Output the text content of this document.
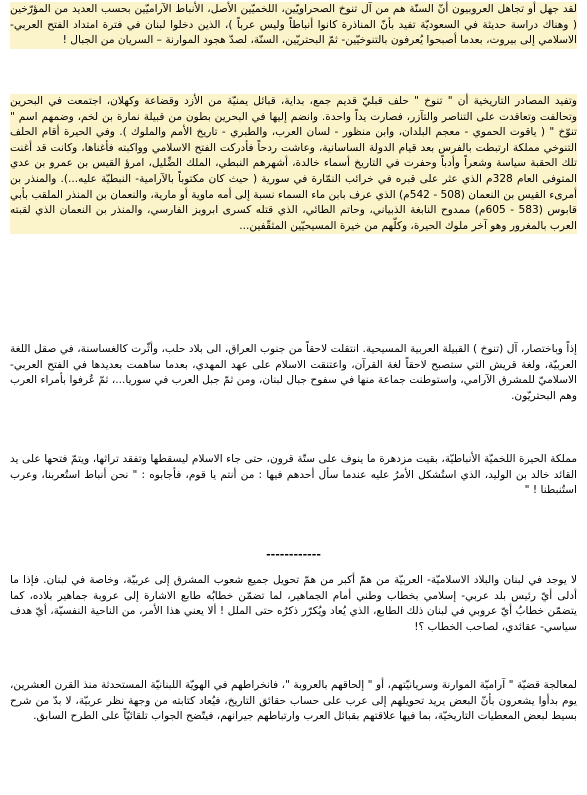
لقد جهل أو تجاهل العروبيون أنّ السنّة هم من آل تنوخ الصحراويّين، اللخميّين الأصل، الأنباط الآراميّين بحسب العديد من المؤرّخين ( وهناك دراسة حديثة في السعوديّة تفيد بأنّ المناذرة كانوا أنباطاً وليس عرباً )، الذين دخلوا لبنان في فترة امتداد الفتح العربي- الاسلامي إلى بيروت، بعدما أصبحوا يُعرفون بالتنوخيّين- ثمّ البحتريّين، السنّة، لصدّ هجود الموارنة – السريان من الجبال !
وتفيد المصادر التاريخية أن " تنوخ " حلف قبليّ قديم جمع، بداية، قبائل يمنيّة من الأزد وقضاعة وكهلان، اجتمعت في البحرين وتحالفت وتعاقدت على التناصر والتآزر، فصارت يداً واحدة. وانضم إليها في البحرين بطون من قبيلة نمارة بن لخم، وضمهم اسم " تنوّخ " ( ياقوت الحموي - معجم البلدان، وابن منظور - لسان العرب، والطبري - تاريخ الأمم والملوك ). وفي الحيرة أقام الحلف التنوخي مملكة ارتبطت بالفرس بعد قيام الدولة الساسانية، وعاشت ردحاً فأدركت الفتح الاسلامي وواكبته فأغناها، وكانت قد أغنت تلك الحقبة سياسة وشعراً وأدباً وحفرت في التاريخ أسماء خالدة، أشهرهم النبطي، الملك الضِّليل، امرؤ القيس بن عمرو بن عدي المتوفى العام 328م الذي عثر على قبره في خرائب النمّارة في سورية ( حيث كان مكتوباً بالآرامية- النبطيّة عليه...). والمنذر بن أمرىء القيس بن النعمان (508 - 542م) الذي عرف بابن ماء السماء نسبة إلى أمه ماوية أو مارية، والنعمان بن المنذر الملقب بأبي قابوس (583 - 605م) ممدوح النابغة الذبياني، وحاتم الطائي، الذي قتله كسرى ابروبز الفارسي، والمنذر بن النعمان الذي لقبته العرب بالمغرور وهو آخر ملوك الحيرة، وكلّهم من خيرة المسيحيّين المثقّفين...
إذاً وباختصار، آل (تنوخ ) القبيلة العربية المسيحية. انتقلت لاحقاً من جنوب العراق، الى بلاد حلب، وأثّرت كالغساسنة، في صقل اللغة العربيّة، ولغة قريش التي ستصبح لاحقاً لغة القرآن، واعتنقت الاسلام على عهد المهدي، بعدما ساهمت بعديدها في الفتح العربي- الاسلاميّ للمشرق الآرامي، واستوطنت جماعة منها في سفوح جبال لبنان، ومن ثمّ جبل العرب في سوريا...، ثمّ عُرفوا بأمراء العرب وهم البحتريّون.
مملكة الحيرة اللخميّة الأنباطيّة، بقيت مزدهرة ما ينوف على ستّة قرون، حتى جاء الاسلام ليسقطها وتفقد تراثها، ويتمّ فتحها على يد القائد خالد بن الوليد، الذي استُشكل الأمرُ عليه عندما سأل أحدهم فيها : من أنتم يا قوم، فأجابوه : " نحن أنباط استُعربنا، وعرب استُنبطنا ! "
------------
لا يوجد في لبنان والبلاد الاسلاميّة- العربيّة من همّ أكبر من همّ تحويل جميع شعوب المشرق إلى عربيّة، وخاصة في لبنان. فإذا ما أدلى أيّ رئيس بلد عربي- إسلامي بخطاب وطني أمام الجماهير، لما تضمّن خطابُه طابع الاشارة إلى عروبة جماهير بلاده، كما يتضمّن خطابُ أيّ عروبي في لبنان ذلك الطابع، الذي يُعاد ويُكرّر ذكرُه حتى الملل ! ألا يعني هذا الأمر، من الناحية النفسيّة، أيّ هدف سياسي- عقائدي، لصاحب الخطاب ؟!
لمعالجة قضيّة " آراميّة الموارنة وسريانيّتهم، أو " إلحاقهم بالعروبة "، فانخراطهم في الهويّة اللبنانيّة المستحدثة منذ القرن العشرين، يوم بدأوا يشعرون بأنّ البعض يريد تحويلهم إلى عرب على حساب حقائق التاريخ، فيُعاد كتابته من وجهة نظر عربيّة، لا بدّ من شرح بسيط لبعض المعطيات التاريخيّة، بما فيها علاقتهم بقبائل العرب وارتباطهم جيرانهم، فيتّضح الجواب تلقائيّاً على الطرح السابق.
